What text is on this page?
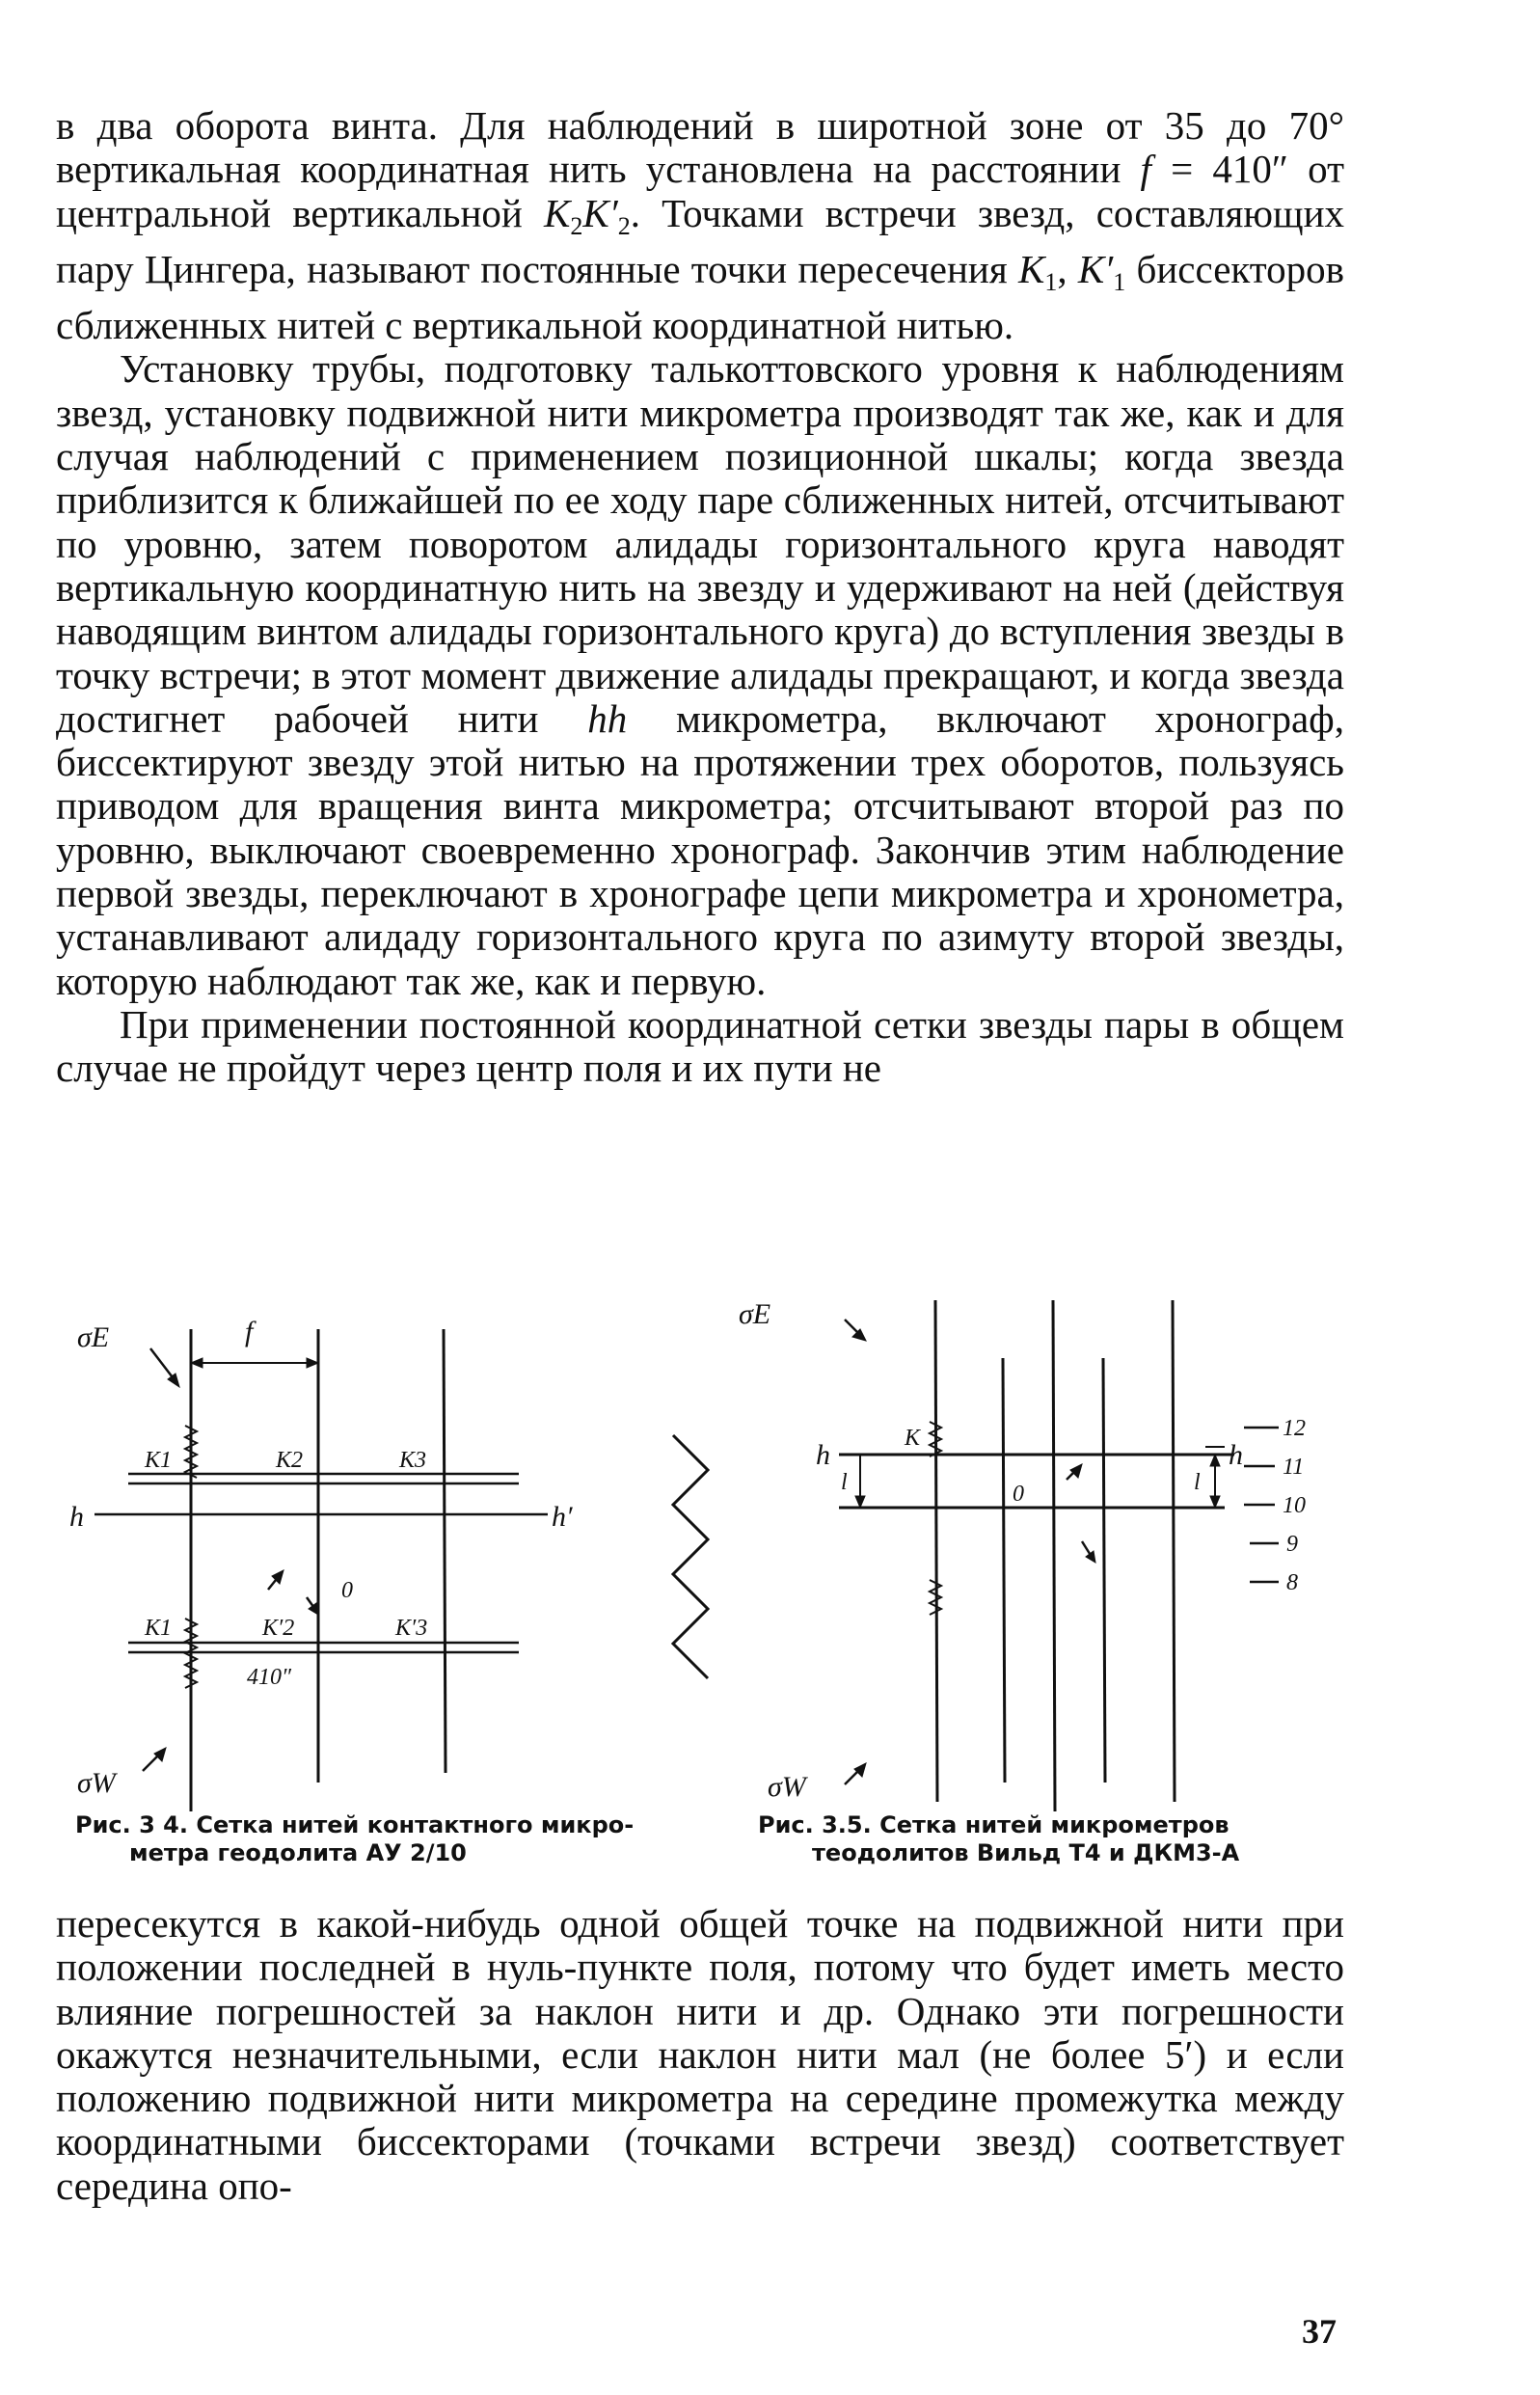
в два оборота винта. Для наблюдений в широтной зоне от 35 до 70° вертикальная координатная нить установлена на расстоянии f = 410″ от центральной вертикальной $K_2K'_2$. Точками встречи звезд, составляющих пару Цингера, называют постоянные точки пересечения $K_1$, $K'_1$ биссекторов сближенных нитей с вертикальной координатной нитью.

Установку трубы, подготовку талькоттовского уровня к наблюдениям звезд, установку подвижной нити микрометра производят так же, как и для случая наблюдений с применением позиционной шкалы; когда звезда приблизится к ближайшей по ее ходу паре сближенных нитей, отсчитывают по уровню, затем поворотом алидады горизонтального круга наводят вертикальную координатную нить на звезду и удерживают на ней (действуя наводящим винтом алидады горизонтального круга) до вступления звезды в точку встречи; в этот момент движение алидады прекращают, и когда звезда достигнет рабочей нити hh микрометра, включают хронограф, биссектируют звезду этой нитью на протяжении трех оборотов, пользуясь приводом для вращения винта микрометра; отсчитывают второй раз по уровню, выключают своевременно хронограф. Закончив этим наблюдение первой звезды, переключают в хронографе цепи микрометра и хронометра, устанавливают алидаду горизонтального круга по азимуту второй звезды, которую наблюдают так же, как и первую.

При применении постоянной координатной сетки звезды пары в общем случае не пройдут через центр поля и их пути не

σE
σW
f
h	h′
K1	K2	K3
K1	K′2	K′3
0
410″
σE
σW
K
h	h
l	l
0
12
11
10
9
8
Рис. 3 4. Сетка нитей контактного микро-
метра геодолита АУ 2/10
Рис. 3.5. Сетка нитей микрометров
теодолитов Вильд Т4 и ДКМ3-А

пересекутся в какой-нибудь одной общей точке на подвижной нити при положении последней в нуль-пункте поля, потому что будет иметь место влияние погрешностей за наклон нити и др. Однако эти погрешности окажутся незначительными, если наклон нити мал (не более 5′) и если положению подвижной нити микрометра на середине промежутка между координатными биссекторами (точками встречи звезд) соответствует середина опо-

37
